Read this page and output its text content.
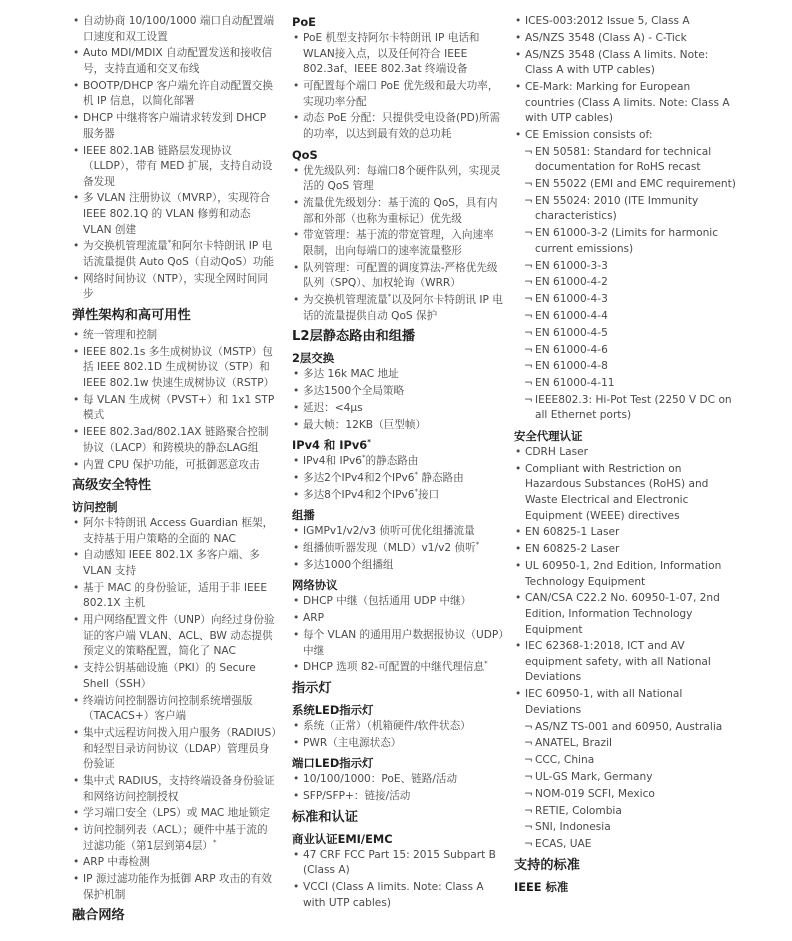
• 自动协商 10/100/1000 端口自动配置端口速度和双工设置
• Auto MDI/MDIX 自动配置发送和接收信号，支持直通和交叉布线
• BOOTP/DHCP 客户端允许自动配置交换机 IP 信息，以简化部署
• DHCP 中继将客户端请求转发到 DHCP 服务器
• IEEE 802.1AB 链路层发现协议（LLDP），带有 MED 扩展，支持自动设备发现
• 多 VLAN 注册协议（MVRP），实现符合IEEE 802.1Q 的 VLAN 修剪和动态 VLAN 创建
• 为交换机管理流量*和阿尔卡特朗讯 IP 电话流量提供 Auto QoS（自动QoS）功能
• 网络时间协议（NTP），实现全网时间同步
弹性架构和高可用性
• 统一管理和控制
• IEEE 802.1s 多生成树协议（MSTP）包括 IEEE 802.1D 生成树协议（STP）和 IEEE 802.1w 快速生成树协议（RSTP）
• 每 VLAN 生成树（PVST+）和 1x1 STP 模式
• IEEE 802.3ad/802.1AX 链路聚合控制协议（LACP）和跨模块的静态LAG组
• 内置 CPU 保护功能，可抵御恶意攻击
高级安全特性
访问控制
• 阿尔卡特朗讯 Access Guardian 框架，支持基于用户策略的全面的 NAC
• 自动感知 IEEE 802.1X 多客户端、多VLAN 支持
• 基于 MAC 的身份验证，适用于非 IEEE 802.1X 主机
• 用户网络配置文件（UNP）向经过身份验证的客户端 VLAN、ACL、BW 动态提供预定义的策略配置，简化了 NAC
• 支持公钥基础设施（PKI）的 Secure Shell（SSH）
• 终端访问控制器访问控制系统增强版（TACACS+）客户端
• 集中式远程访问拨入用户服务（RADIUS）和轻型目录访问协议（LDAP）管理员身份验证
• 集中式 RADIUS，支持终端设备身份验证和网络访问控制授权
• 学习端口安全（LPS）或 MAC 地址锁定
• 访问控制列表（ACL）；硬件中基于流的过滤功能（第1层到第4层）*
• ARP 中毒检测
• IP 源过滤功能作为抵御 ARP 攻击的有效保护机制
融合网络
PoE
• PoE 机型支持阿尔卡特朗讯 IP 电话和WLAN接入点，以及任何符合 IEEE 802.3af、IEEE 802.3at 终端设备
• 可配置每个端口 PoE 优先级和最大功率，实现功率分配
• 动态 PoE 分配：只提供受电设备(PD)所需的功率，以达到最有效的总功耗
QoS
• 优先级队列：每端口8个硬件队列，实现灵活的 QoS 管理
• 流量优先级划分：基于流的 QoS，具有内部和外部（也称为重标记）优先级
• 带宽管理：基于流的带宽管理，入向速率限制，出向每端口的速率流量整形
• 队列管理：可配置的调度算法-严格优先级队列（SPQ）、加权轮询（WRR）
• 为交换机管理流量*以及阿尔卡特朗讯 IP 电话的流量提供自动 QoS 保护
L2层静态路由和组播
2层交换
• 多达 16k MAC 地址
• 多达1500个全局策略
• 延迟：<4μs
• 最大帧：12KB（巨型帧）
IPv4 和 IPv6*
• IPv4和 IPv6*的静态路由
• 多达2个IPv4和2个IPv6* 静态路由
• 多达8个IPv4和2个IPv6*接口
组播
• IGMPv1/v2/v3 侦听可优化组播流量
• 组播侦听器发现（MLD）v1/v2 侦听*
• 多达1000个组播组
网络协议
• DHCP 中继（包括通用 UDP 中继）
• ARP
• 每个 VLAN 的通用用户数据报协议（UDP）中继
• DHCP 选项 82-可配置的中继代理信息*
指示灯
系统LED指示灯
• 系统（正常）（机箱硬件/软件状态）
• PWR（主电源状态）
端口LED指示灯
• 10/100/1000：PoE、链路/活动
• SFP/SFP+：链接/活动
标准和认证
商业认证EMI/EMC
• 47 CRF FCC Part 15: 2015 Subpart B (Class A)
• VCCI (Class A limits. Note: Class A with UTP cables)
• ICES-003:2012 Issue 5, Class A
• AS/NZS 3548 (Class A) - C-Tick
• AS/NZS 3548 (Class A limits. Note: Class A with UTP cables)
• CE-Mark: Marking for European countries (Class A limits. Note: Class A with UTP cables)
• CE Emission consists of:
¬ EN 50581: Standard for technical documentation for RoHS recast
¬ EN 55022 (EMI and EMC requirement)
¬ EN 55024: 2010 (ITE Immunity characteristics)
¬ EN 61000-3-2 (Limits for harmonic current emissions)
¬ EN 61000-3-3
¬ EN 61000-4-2
¬ EN 61000-4-3
¬ EN 61000-4-4
¬ EN 61000-4-5
¬ EN 61000-4-6
¬ EN 61000-4-8
¬ EN 61000-4-11
¬ IEEE802.3: Hi-Pot Test (2250 V DC on all Ethernet ports)
安全代理认证
• CDRH Laser
• Compliant with Restriction on Hazardous Substances (RoHS) and Waste Electrical and Electronic Equipment (WEEE) directives
• EN 60825-1 Laser
• EN 60825-2 Laser
• UL 60950-1, 2nd Edition, Information Technology Equipment
• CAN/CSA C22.2 No. 60950-1-07, 2nd Edition, Information Technology Equipment
• IEC 62368-1:2018, ICT and AV equipment safety, with all National Deviations
• IEC 60950-1, with all National Deviations
¬ AS/NZ TS-001 and 60950, Australia
¬ ANATEL, Brazil
¬ CCC, China
¬ UL-GS Mark, Germany
¬ NOM-019 SCFI, Mexico
¬ RETIE, Colombia
¬ SNI, Indonesia
¬ ECAS, UAE
支持的标准
IEEE 标准
